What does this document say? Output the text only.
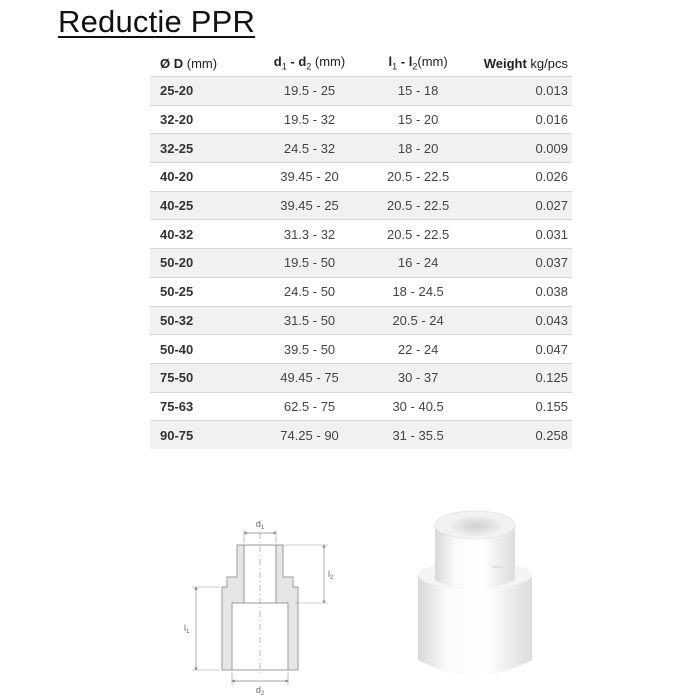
Reductie PPR
Ø D (mm)	$d_1 - d_2$ (mm)	$l_1 - l_2(mm)$	Weight kg/pcs
25-20	19.5 - 25	15 - 18	0.013
32-20	19.5 - 32	15 - 20	0.016
32-25	24.5 - 32	18 - 20	0.009
40-20	39.45 - 20	20.5 - 22.5	0.026
40-25	39.45 - 25	20.5 - 22.5	0.027
40-32	31.3 - 32	20.5 - 22.5	0.031
50-20	19.5 - 50	16 - 24	0.037
50-25	24.5 - 50	18 - 24.5	0.038
50-32	31.5 - 50	20.5 - 24	0.043
50-40	39.5 - 50	22 - 24	0.047
75-50	49.45 - 75	30 - 37	0.125
75-63	62.5 - 75	30 - 40.5	0.155
90-75	74.25 - 90	31 - 35.5	0.258
$d_1$
$l_2$
$l_1$
$d_2$
▬▬
